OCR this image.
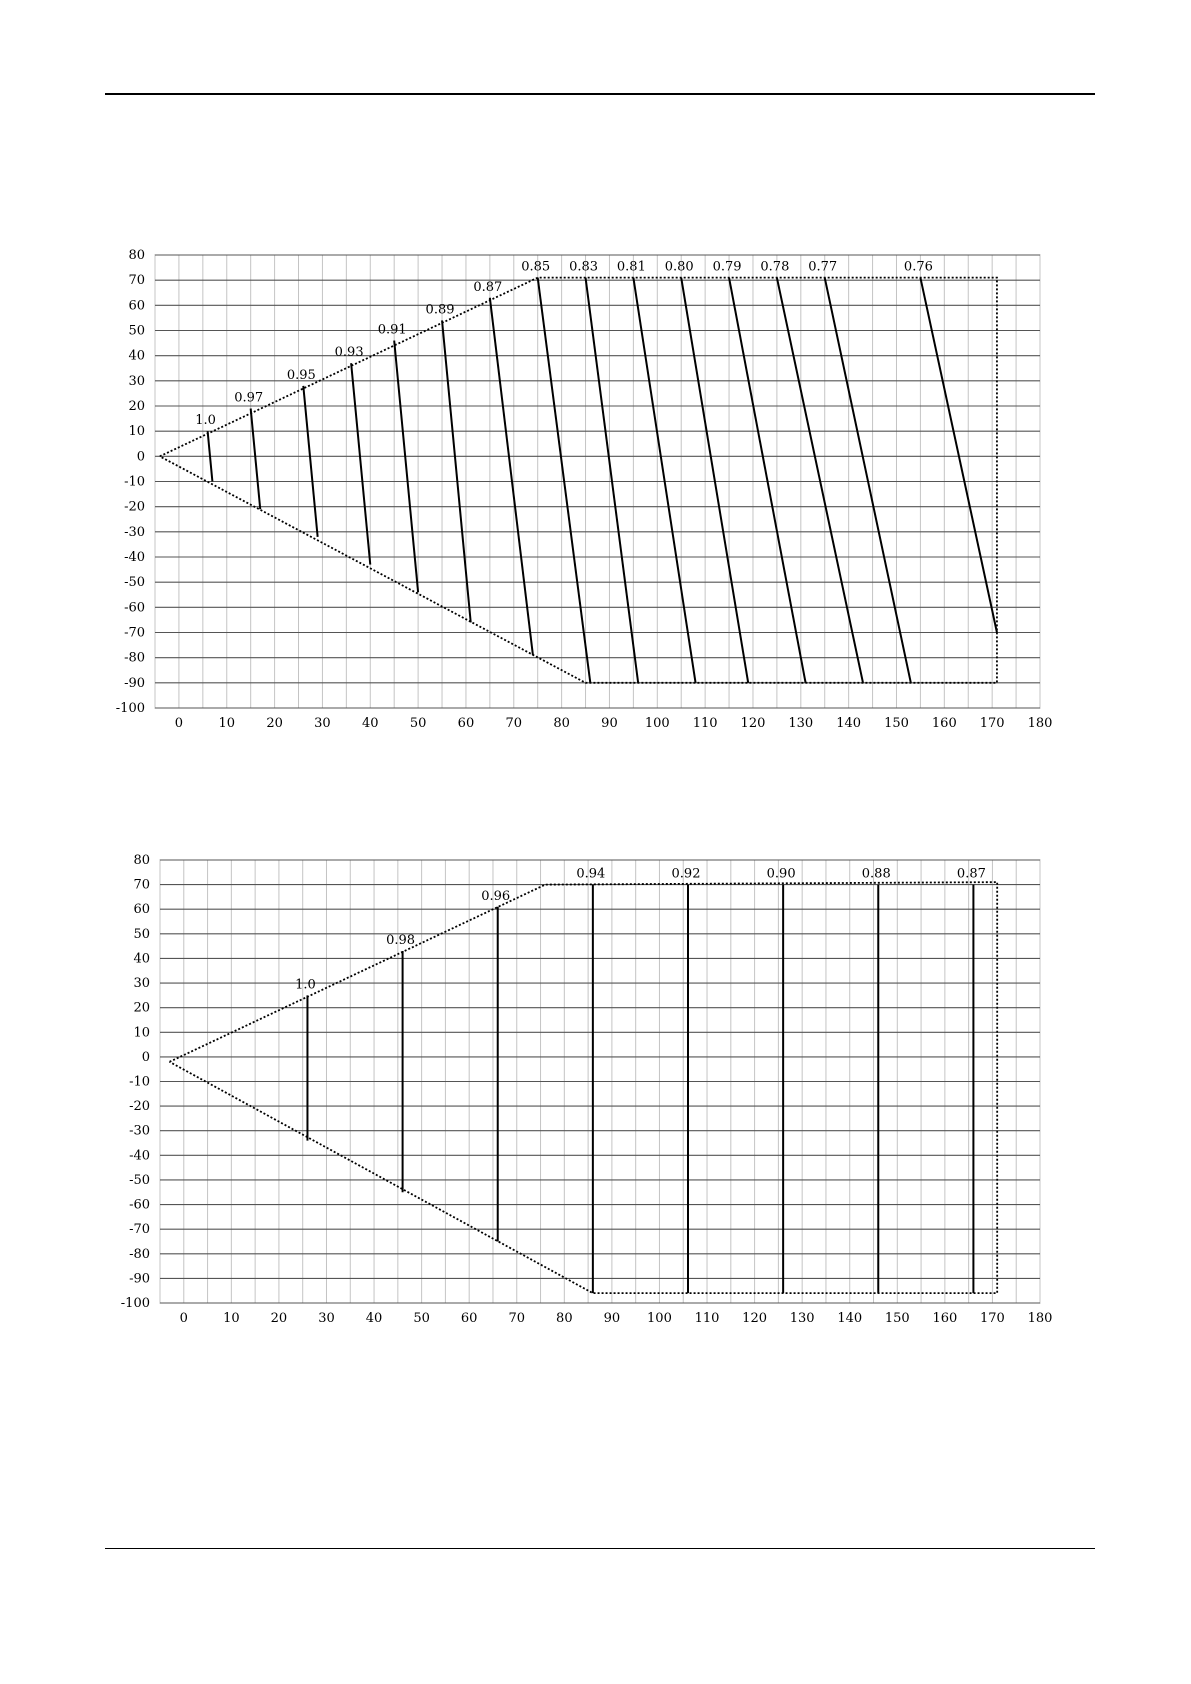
80
70
60
50
40
30
20
10
0
-10
-20
-30
-40
-50
-60
-70
-80
-90
-100
0	10 20 30 40 50 60 70 80 90 100 110 120 130 140 150 160 170 180
1.0
0.97
0.95
0.93
0.91
0.89
0.87
0.85 0.83 0.81 0.80 0.79 0.78 0.77	0.76
80
70
60
50
40
30
20
10
0
-10
-20
-30
-40
-50
-60
-70
-80
-90
-100
0	10 20 30 40 50 60 70 80 90 100 110 120 130 140 150 160 170 180
1.0
0.98
0.96
0.94	0.92	0.90	0.88	0.87
